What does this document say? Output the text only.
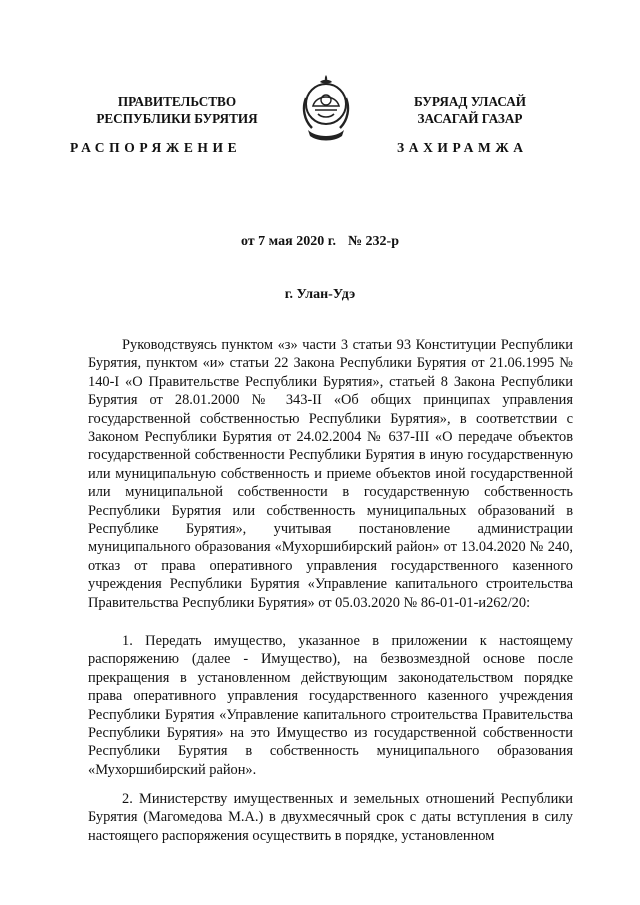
ПРАВИТЕЛЬСТВО
РЕСПУБЛИКИ БУРЯТИЯ
БУРЯАД УЛАСАЙ
ЗАСАГАЙ ГАЗАР
РАСПОРЯЖЕНИЕ	ЗАХИРАМЖА
от 7 мая 2020 г. № 232-р
г. Улан-Удэ
Руководствуясь пунктом «з» части 3 статьи 93 Конституции Республики Бурятия, пунктом «и» статьи 22 Закона Республики Бурятия от 21.06.1995 № 140-I «О Правительстве Республики Бурятия», статьей 8 Закона Республики Бурятия от 28.01.2000 № 343-II «Об общих принципах управления государственной собственностью Республики Бурятия», в соответствии с Законом Республики Бурятия от 24.02.2004 № 637-III «О передаче объектов государственной собственности Республики Бурятия в иную государственную или муниципальную собственность и приеме объектов иной государственной или муниципальной собственности в государственную собственность Республики Бурятия или собственность муниципальных образований в Республике Бурятия», учитывая постановление администрации муниципального образования «Мухоршибирский район» от 13.04.2020 № 240, отказ от права оперативного управления государственного казенного учреждения Республики Бурятия «Управление капитального строительства Правительства Республики Бурятия» от 05.03.2020 № 86-01-01-и262/20:
1. Передать имущество, указанное в приложении к настоящему распоряжению (далее - Имущество), на безвозмездной основе после прекращения в установленном действующим законодательством порядке права оперативного управления государственного казенного учреждения Республики Бурятия «Управление капитального строительства Правительства Республики Бурятия» на это Имущество из государственной собственности Республики Бурятия в собственность муниципального образования «Мухоршибирский район».
2. Министерству имущественных и земельных отношений Республики Бурятия (Магомедова М.А.) в двухмесячный срок с даты вступления в силу настоящего распоряжения осуществить в порядке, установленном
